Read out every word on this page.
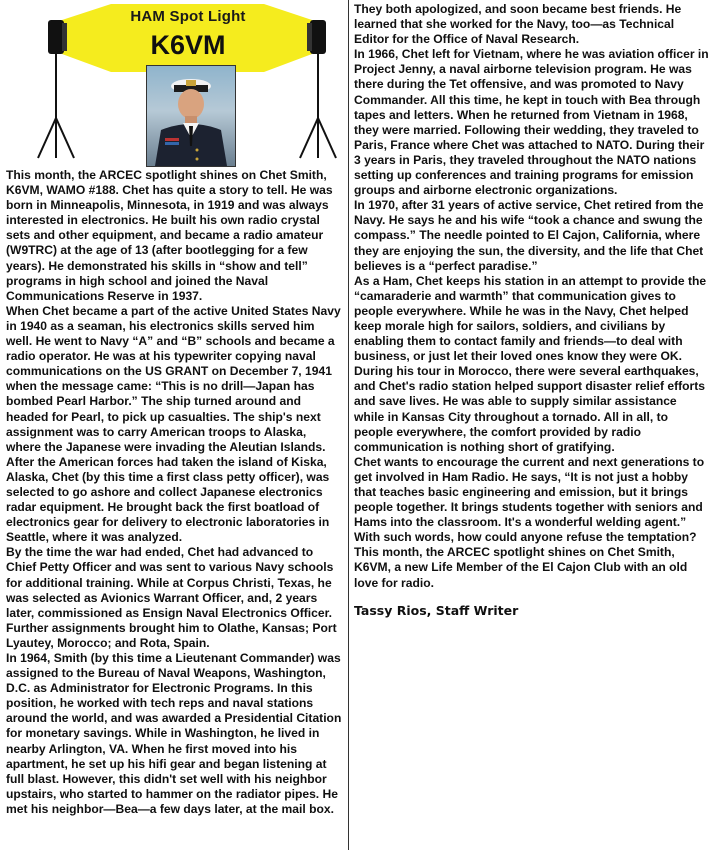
HAM Spot Light
K6VM

This month, the ARCEC spotlight shines on Chet Smith, K6VM, WAMO #188. Chet has quite a story to tell. He was born in Minneapolis, Minnesota, in 1919 and was always interested in electronics. He built his own radio crystal sets and other equipment, and became a radio amateur (W9TRC) at the age of 13 (after bootlegging for a few years). He demonstrated his skills in “show and tell” programs in high school and joined the Naval Communications Reserve in 1937.

When Chet became a part of the active United States Navy in 1940 as a seaman, his electronics skills served him well. He went to Navy “A” and “B” schools and became a radio operator. He was at his typewriter copying naval communications on the US GRANT on December 7, 1941 when the message came: “This is no drill—Japan has bombed Pearl Harbor.” The ship turned around and headed for Pearl, to pick up casualties. The ship's next assignment was to carry American troops to Alaska, where the Japanese were invading the Aleutian Islands. After the American forces had taken the island of Kiska, Alaska, Chet (by this time a first class petty officer), was selected to go ashore and collect Japanese electronics radar equipment. He brought back the first boatload of electronics gear for delivery to electronic laboratories in Seattle, where it was analyzed.

By the time the war had ended, Chet had advanced to Chief Petty Officer and was sent to various Navy schools for additional training. While at Corpus Christi, Texas, he was selected as Avionics Warrant Officer, and, 2 years later, commissioned as Ensign Naval Electronics Officer. Further assignments brought him to Olathe, Kansas; Port Lyautey, Morocco; and Rota, Spain.

In 1964, Smith (by this time a Lieutenant Commander) was assigned to the Bureau of Naval Weapons, Washington, D.C. as Administrator for Electronic Programs. In this position, he worked with tech reps and naval stations around the world, and was awarded a Presidential Citation for monetary savings. While in Washington, he lived in nearby Arlington, VA. When he first moved into his apartment, he set up his hifi gear and began listening at full blast. However, this didn't set well with his neighbor upstairs, who started to hammer on the radiator pipes. He met his neighbor—Bea—a few days later, at the mail box.

They both apologized, and soon became best friends. He learned that she worked for the Navy, too—as Technical Editor for the Office of Naval Research.

In 1966, Chet left for Vietnam, where he was aviation officer in Project Jenny, a naval airborne television program. He was there during the Tet offensive, and was promoted to Navy Commander. All this time, he kept in touch with Bea through tapes and letters. When he returned from Vietnam in 1968, they were married. Following their wedding, they traveled to Paris, France where Chet was attached to NATO. During their 3 years in Paris, they traveled throughout the NATO nations setting up conferences and training programs for emission groups and airborne electronic organizations.

In 1970, after 31 years of active service, Chet retired from the Navy. He says he and his wife “took a chance and swung the compass.” The needle pointed to El Cajon, California, where they are enjoying the sun, the diversity, and the life that Chet believes is a “perfect paradise.”

As a Ham, Chet keeps his station in an attempt to provide the “camaraderie and warmth” that communication gives to people everywhere. While he was in the Navy, Chet helped keep morale high for sailors, soldiers, and civilians by enabling them to contact family and friends—to deal with business, or just let their loved ones know they were OK. During his tour in Morocco, there were several earthquakes, and Chet's radio station helped support disaster relief efforts and save lives. He was able to supply similar assistance while in Kansas City throughout a tornado. All in all, to people everywhere, the comfort provided by radio communication is nothing short of gratifying.

Chet wants to encourage the current and next generations to get involved in Ham Radio. He says, “It is not just a hobby that teaches basic engineering and emission, but it brings people together. It brings students together with seniors and Hams into the classroom. It's a wonderful welding agent.” With such words, how could anyone refuse the temptation? This month, the ARCEC spotlight shines on Chet Smith, K6VM, a new Life Member of the El Cajon Club with an old love for radio.

Tassy Rios, Staff Writer
